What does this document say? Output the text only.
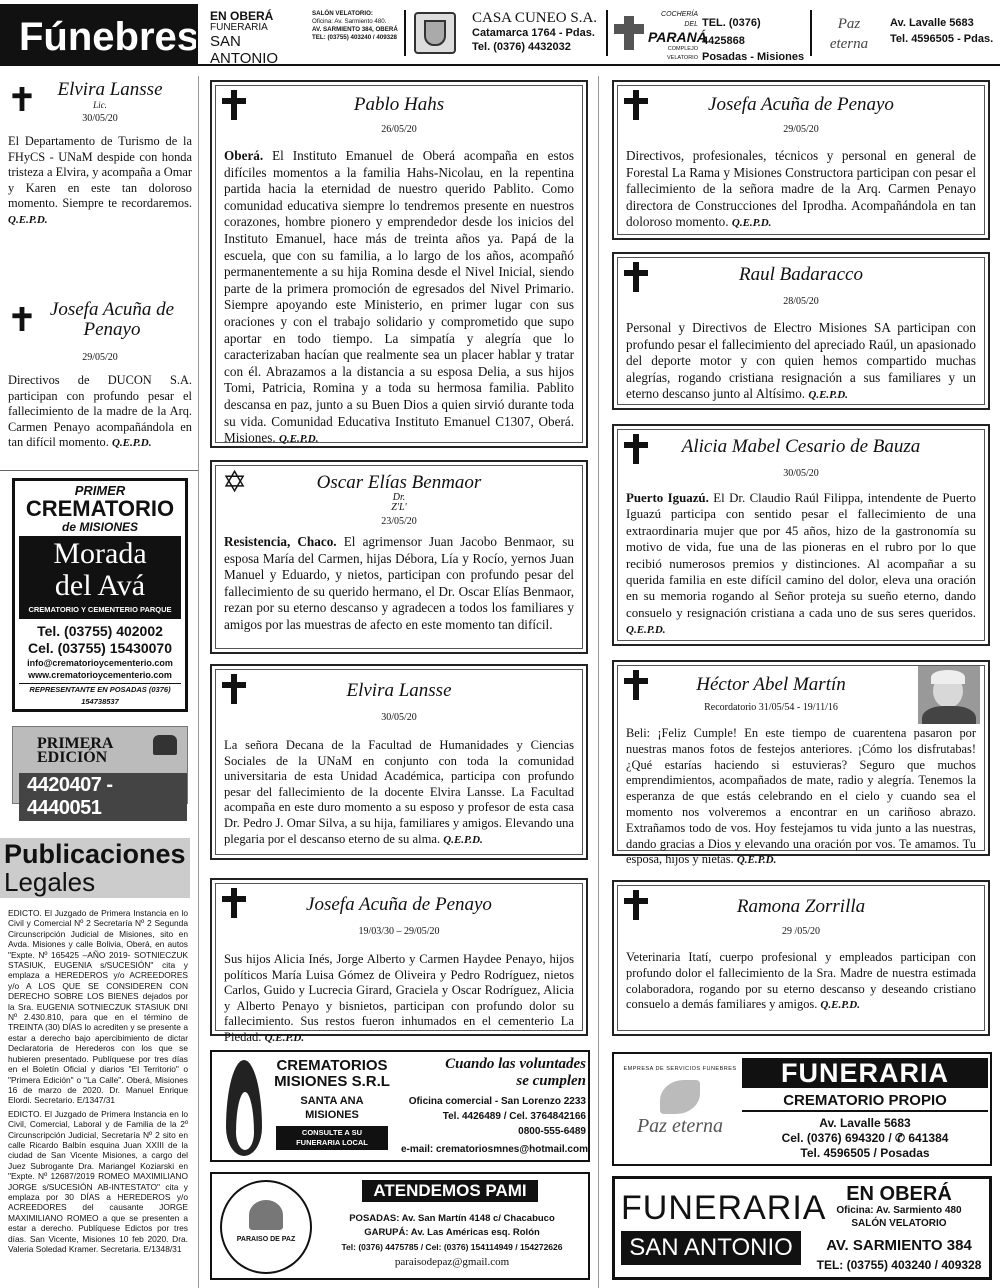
Fúnebres EN OBERÁ
FUNERARIA
SAN ANTONIO
SALÓN VELATORIO:
Oficina: Av. Sarmiento 480.
AV. SARMIENTO 384, OBERÁ
TEL: (03755) 403240 / 409328
CASA CUNEO S.A.
Catamarca 1764 - Pdas.
Tel. (0376) 4432032
COCHERÍA DEL
PARANÁ
COMPLEJO VELATORIO
TEL. (0376) 4425868
Posadas - Misiones
Paz eterna
Av. Lavalle 5683
Tel. 4596505 - Pdas.
Elvira Lansse
Lic.
30/05/20
El Departamento de Turismo de la FHyCS - UNaM despide con honda tristeza a Elvira, y acompaña a Omar y Karen en este tan doloroso momento. Siempre te recordaremos. Q.E.P.D.
Josefa Acuña de Penayo
29/05/20
Directivos de DUCON S.A. participan con profundo pesar el fallecimiento de la madre de la Arq. Carmen Penayo acompañándola en tan difícil momento. Q.E.P.D.
PRIMER
CREMATORIO
de MISIONES
Morada
del Avá
CREMATORIO Y CEMENTERIO PARQUE
Tel. (03755) 402002
Cel. (03755) 15430070
info@crematorioycementerio.com
www.crematorioycementerio.com
REPRESENTANTE EN POSADAS (0376) 154738537
PRIMERA
EDICIÓN
4420407 - 4440051
Publicaciones
Legales
EDICTO. El Juzgado de Primera Instancia en lo Civil y Comercial Nº 2 Secretaría Nº 2 Segunda Circunscripción Judicial de Misiones, sito en Avda. Misiones y calle Bolivia, Oberá, en autos "Expte. Nº 165425 –AÑO 2019- SOTNIECZUK STASIUK, EUGENIA s/SUCESIÓN" cita y emplaza a HEREDEROS y/o ACREEDORES y/o A LOS QUE SE CONSIDEREN CON DERECHO SOBRE LOS BIENES dejados por la Sra. EUGENIA SOTNIECZUK STASIUK DNI Nº 2.430.810, para que en el término de TREINTA (30) DÍAS lo acrediten y se presente a estar a derecho bajo apercibimiento de dictar Declaratoria de Herederos con los que se hubieren presentado. Publíquese por tres días en el Boletín Oficial y diarios "El Territorio" o "Primera Edición" o "La Calle". Oberá, Misiones 16 de marzo de 2020. Dr. Manuel Enrique Elordi. Secretario. E/1347/31
EDICTO. El Juzgado de Primera Instancia en lo Civil, Comercial, Laboral y de Familia de la 2º Circunscripción Judicial, Secretaría Nº 2 sito en calle Ricardo Balbín esquina Juan XXIII de la ciudad de San Vicente Misiones, a cargo del Juez Subrogante Dra. Mariangel Koziarski en "Expte. Nº 12687/2019 ROMEO MAXIMILIANO JORGE s/SUCESIÓN AB-INTESTATO" cita y emplaza por 30 DÍAS a HEREDEROS y/o ACREEDORES del causante JORGE MAXIMILIANO ROMEO a que se presenten a estar a derecho. Publíquese Edictos por tres días. San Vicente, Misiones 10 feb 2020. Dra. Valeria Soledad Kramer. Secretaria. E/1348/31
Pablo Hahs
26/05/20
Oberá. El Instituto Emanuel de Oberá acompaña en estos difíciles momentos a la familia Hahs-Nicolau, en la repentina partida hacia la eternidad de nuestro querido Pablito. Como comunidad educativa siempre lo tendremos presente en nuestros corazones, hombre pionero y emprendedor desde los inicios del Instituto Emanuel, hace más de treinta años ya. Papá de la escuela, que con su familia, a lo largo de los años, acompañó permanentemente a su hija Romina desde el Nivel Inicial, siendo parte de la primera promoción de egresados del Nivel Primario. Siempre apoyando este Ministerio, en primer lugar con sus oraciones y con el trabajo solidario y comprometido que supo aportar en todo tiempo. La simpatía y alegría que lo caracterizaban hacían que realmente sea un placer hablar y tratar con él. Abrazamos a la distancia a su esposa Delia, a sus hijos Tomi, Patricia, Romina y a toda su hermosa familia. Pablito descansa en paz, junto a su Buen Dios a quien sirvió durante toda su vida. Comunidad Educativa Instituto Emanuel C1307, Oberá. Misiones. Q.E.P.D.
✡	Oscar Elías Benmaor
Dr.
Z'L'
23/05/20
Resistencia, Chaco. El agrimensor Juan Jacobo Benmaor, su esposa María del Carmen, hijas Débora, Lía y Rocío, yernos Juan Manuel y Eduardo, y nietos, participan con profundo pesar del fallecimiento de su querido hermano, el Dr. Oscar Elías Benmaor, rezan por su eterno descanso y agradecen a todos los familiares y amigos por las muestras de afecto en este momento tan difícil.
Elvira Lansse
30/05/20
La señora Decana de la Facultad de Humanidades y Ciencias Sociales de la UNaM en conjunto con toda la comunidad universitaria de esta Unidad Académica, participa con profundo pesar del fallecimiento de la docente Elvira Lansse. La Facultad acompaña en este duro momento a su esposo y profesor de esta casa Dr. Pedro J. Omar Silva, a su hija, familiares y amigos. Elevando una plegaria por el descanso eterno de su alma. Q.E.P.D.
Josefa Acuña de Penayo
19/03/30 – 29/05/20
Sus hijos Alicia Inés, Jorge Alberto y Carmen Haydee Penayo, hijos políticos María Luisa Gómez de Oliveira y Pedro Rodríguez, nietos Carlos, Guido y Lucrecia Girard, Graciela y Oscar Rodríguez, Alicia y Alberto Penayo y bisnietos, participan con profundo dolor su fallecimiento. Sus restos fueron inhumados en el cementerio La Piedad. Q.E.P.D.
Josefa Acuña de Penayo
29/05/20
Directivos, profesionales, técnicos y personal en general de Forestal La Rama y Misiones Constructora participan con pesar el fallecimiento de la señora madre de la Arq. Carmen Penayo directora de Construcciones del Iprodha. Acompañándola en tan doloroso momento. Q.E.P.D.
Raul Badaracco
28/05/20
Personal y Directivos de Electro Misiones SA participan con profundo pesar el fallecimiento del apreciado Raúl, un apasionado del deporte motor y con quien hemos compartido muchas alegrías, rogando cristiana resignación a sus familiares y un eterno descanso junto al Altísimo. Q.E.P.D.
Alicia Mabel Cesario de Bauza
30/05/20
Puerto Iguazú. El Dr. Claudio Raúl Filippa, intendente de Puerto Iguazú participa con sentido pesar el fallecimiento de una extraordinaria mujer que por 45 años, hizo de la gastronomía su motivo de vida, fue una de las pioneras en el rubro por lo que recibió numerosos premios y distinciones. Al acompañar a su querida familia en este difícil camino del dolor, eleva una oración en su memoria rogando al Señor proteja su sueño eterno, dando consuelo y resignación cristiana a cada uno de sus seres queridos. Q.E.P.D.
Héctor Abel Martín
Recordatorio 31/05/54 - 19/11/16
Beli: ¡Feliz Cumple! En este tiempo de cuarentena pasaron por nuestras manos fotos de festejos anteriores. ¡Cómo los disfrutabas! ¿Qué estarías haciendo si estuvieras? Seguro que muchos emprendimientos, acompañados de mate, radio y alegría. Tenemos la esperanza de que estás celebrando en el cielo y cuando sea el momento nos volveremos a encontrar en un cariñoso abrazo. Extrañamos todo de vos. Hoy festejamos tu vida junto a las nuestras, dando gracias a Dios y elevando una oración por vos. Te amamos. Tu esposa, hijos y nietas. Q.E.P.D.
Ramona Zorrilla
29 /05/20
Veterinaria Itatí, cuerpo profesional y empleados participan con profundo dolor el fallecimiento de la Sra. Madre de nuestra estimada colaboradora, rogando por su eterno descanso y deseando cristiano consuelo a demás familiares y amigos. Q.E.P.D.
CREMATORIOS
MISIONES S.R.L
SANTA ANA
MISIONES
CONSULTE A SU FUNERARIA LOCAL
Cuando las voluntades
se cumplen
Oficina comercial - San Lorenzo 2233
Tel. 4426489 / Cel. 3764842166
0800-555-6489
e-mail: crematoriosmnes@hotmail.com
PARAISO DE PAZ
ATENDEMOS PAMI
POSADAS: Av. San Martín 4148 c/ Chacabuco
GARUPÁ: Av. Las Américas esq. Rolón
Tel: (0376) 4475785 / Cel: (0376) 154114949 / 154272626
paraisodepaz@gmail.com
EMPRESA DE SERVICIOS FUNEBRES
Paz eterna
FUNERARIA
CREMATORIO PROPIO
Av. Lavalle 5683
Cel. (0376) 694320 / ✆ 641384
Tel. 4596505 / Posadas
FUNERARIA
SAN ANTONIO
EN OBERÁ
Oficina: Av. Sarmiento 480
SALÓN VELATORIO
AV. SARMIENTO 384
TEL: (03755) 403240 / 409328
